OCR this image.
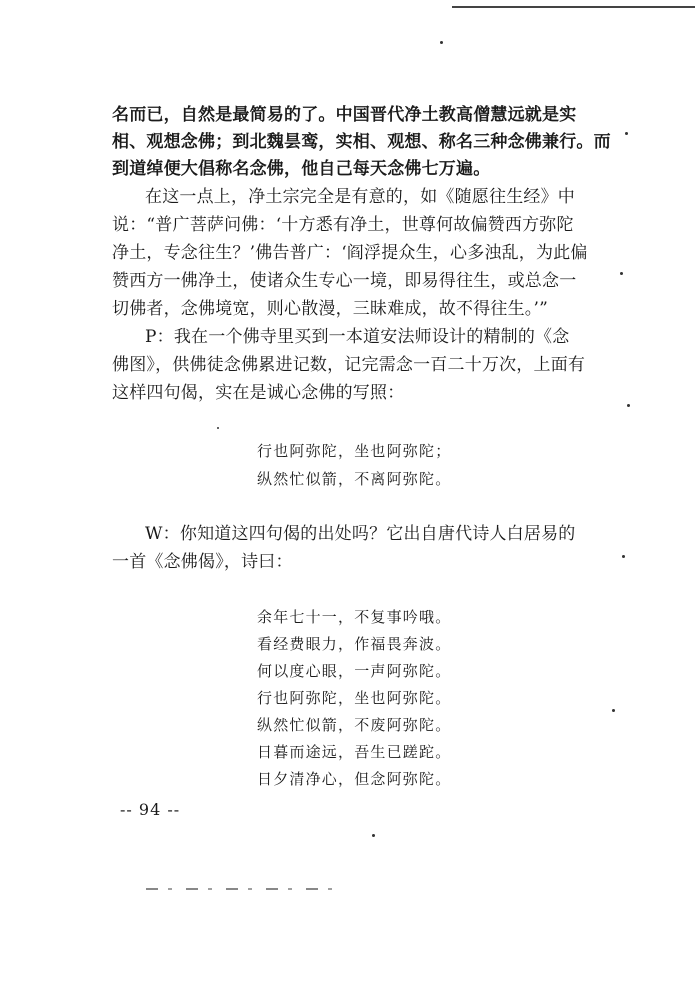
名而已，自然是最简易的了。中国晋代净土教高僧慧远就是实
相、观想念佛；到北魏昙鸾，实相、观想、称名三种念佛兼行。而
到道绰便大倡称名念佛，他自己每天念佛七万遍。
在这一点上，净土宗完全是有意的，如《随愿往生经》中
说：“普广菩萨问佛：‘十方悉有净土，世尊何故偏赞西方弥陀
净土，专念往生？’佛告普广：‘阎浮提众生，心多浊乱，为此偏
赞西方一佛净土，使诸众生专心一境，即易得往生，或总念一
切佛者，念佛境宽，则心散漫，三昧难成，故不得往生。’”
P：我在一个佛寺里买到一本道安法师设计的精制的《念
佛图》，供佛徒念佛累进记数，记完需念一百二十万次，上面有
这样四句偈，实在是诚心念佛的写照：
行也阿弥陀，坐也阿弥陀；
纵然忙似箭，不离阿弥陀。
W：你知道这四句偈的出处吗？它出自唐代诗人白居易的
一首《念佛偈》，诗曰：
余年七十一，不复事吟哦。
看经费眼力，作福畏奔波。
何以度心眼，一声阿弥陀。
行也阿弥陀，坐也阿弥陀。
纵然忙似箭，不废阿弥陀。
日暮而途远，吾生已蹉跎。
日夕清净心，但念阿弥陀。
-- 94 --
